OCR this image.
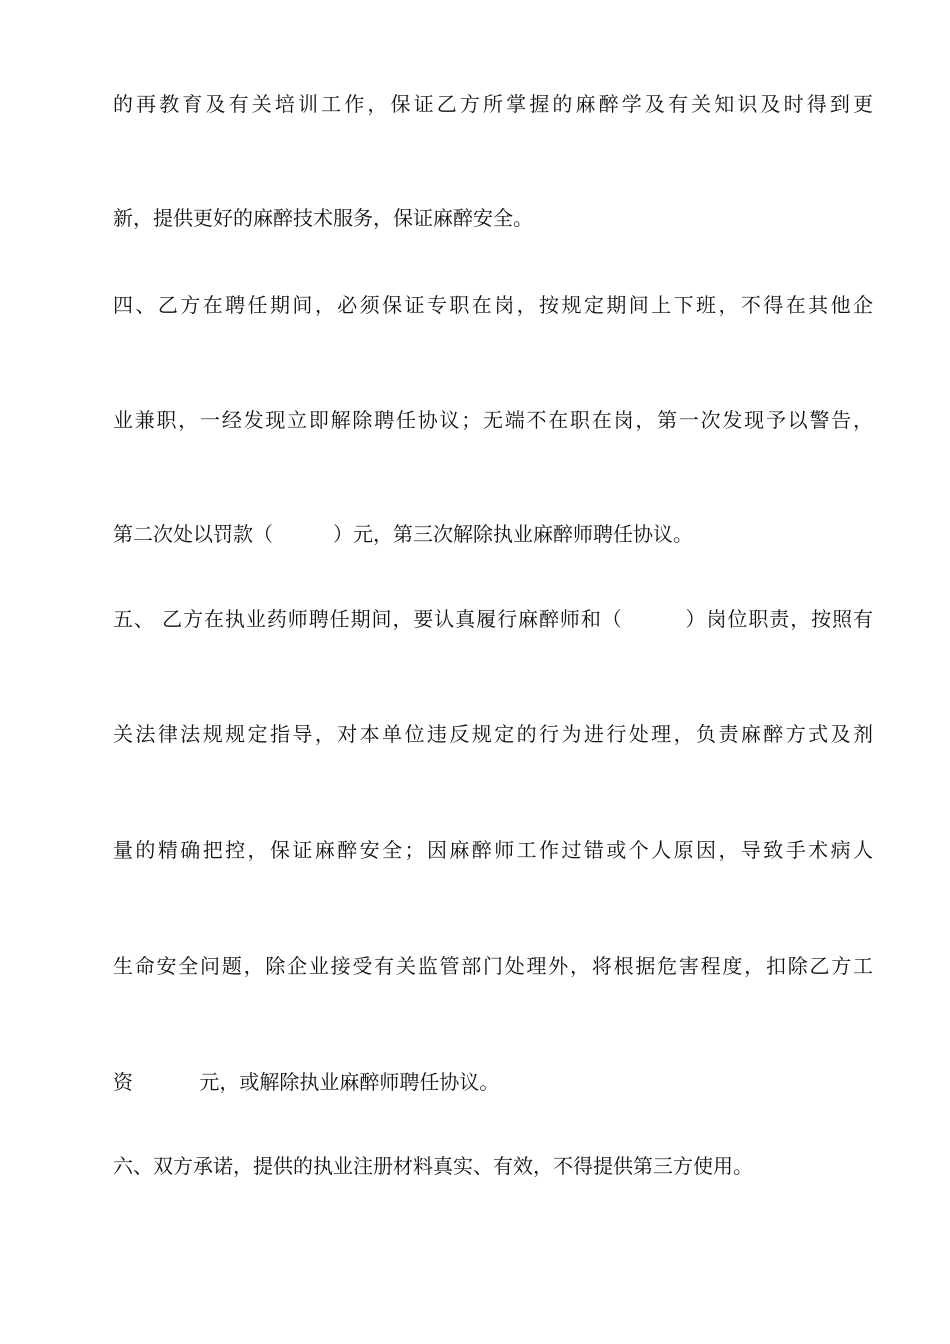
的再教育及有关培训工作，保证乙方所掌握的麻醉学及有关知识及时得到更
新，提供更好的麻醉技术服务，保证麻醉安全。
四、乙方在聘任期间，必须保证专职在岗，按规定期间上下班，不得在其他企
业兼职，一经发现立即解除聘任协议；无端不在职在岗，第一次发现予以警告，
第二次处以罚款（　　　）元，第三次解除执业麻醉师聘任协议。
五、 乙方在执业药师聘任期间，要认真履行麻醉师和（　　　）岗位职责，按照有
关法律法规规定指导，对本单位违反规定的行为进行处理，负责麻醉方式及剂
量的精确把控，保证麻醉安全；因麻醉师工作过错或个人原因，导致手术病人
生命安全问题，除企业接受有关监管部门处理外，将根据危害程度，扣除乙方工
资　　　 元，或解除执业麻醉师聘任协议。
六、双方承诺，提供的执业注册材料真实、有效，不得提供第三方使用。
